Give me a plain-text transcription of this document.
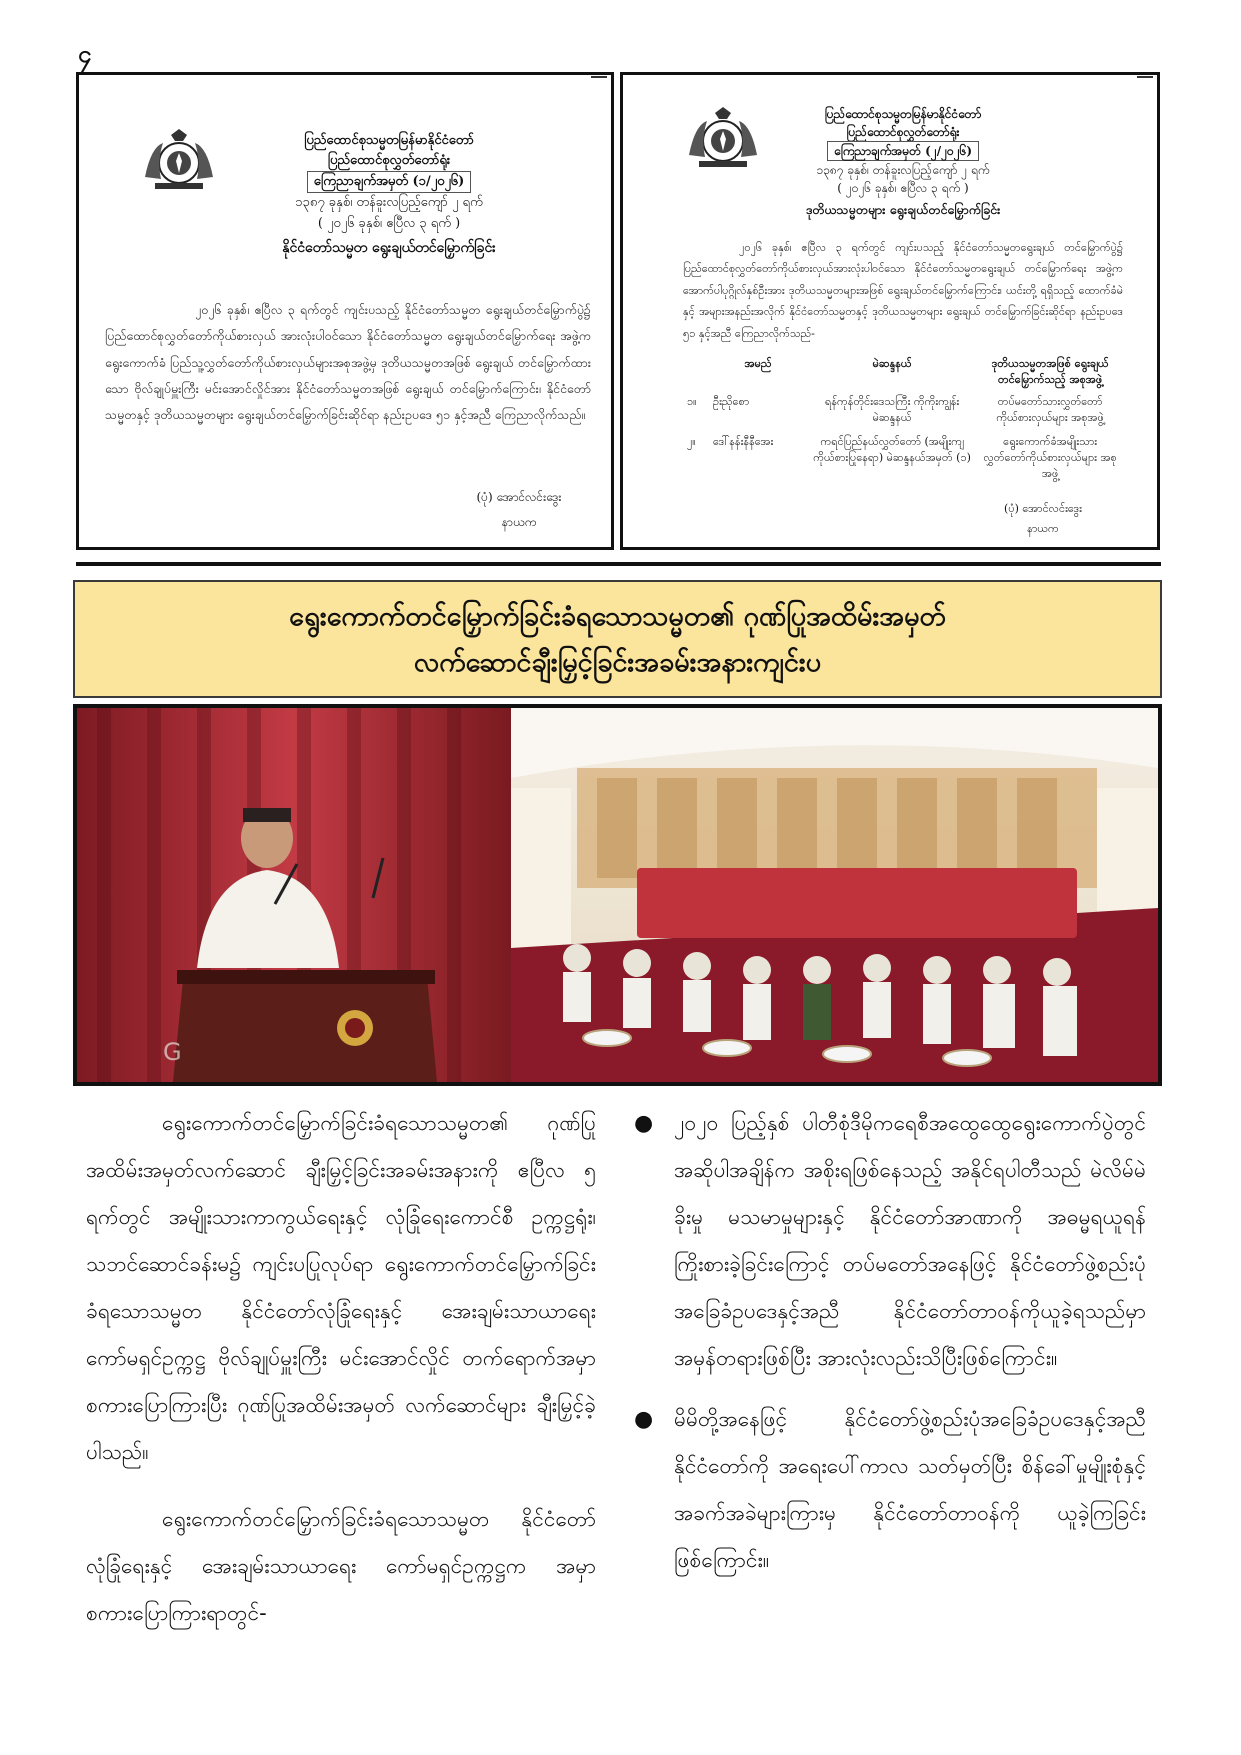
၄
ပြည်ထောင်စုသမ္မတမြန်မာနိုင်ငံတော်
ပြည်ထောင်စုလွှတ်တော်ရုံး
ကြေညာချက်အမှတ် (၁/၂၀၂၆)
၁၃၈၇ ခုနှစ်၊ တန်ခူးလပြည့်ကျော် ၂ ရက်
( ၂၀၂၆ ခုနှစ်၊ ဧပြီလ ၃ ရက် )
နိုင်ငံတော်သမ္မတ ရွေးချယ်တင်မြှောက်ခြင်း
၂၀၂၆ ခုနှစ်၊ ဧပြီလ ၃ ရက်တွင် ကျင်းပသည့် နိုင်ငံတော်သမ္မတ ရွေးချယ်တင်မြှောက်ပွဲ၌ ပြည်ထောင်စုလွှတ်တော်ကိုယ်စားလှယ် အားလုံးပါဝင်သော နိုင်ငံတော်သမ္မတ ရွေးချယ်တင်မြှောက်ရေး အဖွဲ့က ရွေးကောက်ခံ ပြည်သူ့လွှတ်တော်ကိုယ်စားလှယ်များအစုအဖွဲ့မှ ဒုတိယသမ္မတအဖြစ် ရွေးချယ် တင်မြှောက်ထားသော ဗိုလ်ချုပ်မှူးကြီး မင်းအောင်လှိုင်အား နိုင်ငံတော်သမ္မတအဖြစ် ရွေးချယ် တင်မြှောက်ကြောင်း၊ နိုင်ငံတော်သမ္မတနှင့် ဒုတိယသမ္မတများ ရွေးချယ်တင်မြှောက်ခြင်းဆိုင်ရာ နည်းဥပဒေ ၅၁ နှင့်အညီ ကြေညာလိုက်သည်။
(ပုံ) အောင်လင်းဒွေး
နာယက
ပြည်ထောင်စုသမ္မတမြန်မာနိုင်ငံတော်
ပြည်ထောင်စုလွှတ်တော်ရုံး
ကြေညာချက်အမှတ် (၂/၂၀၂၆)
၁၃၈၇ ခုနှစ်၊ တန်ခူးလပြည့်ကျော် ၂ ရက်
( ၂၀၂၆ ခုနှစ်၊ ဧပြီလ ၃ ရက် )
ဒုတိယသမ္မတများ ရွေးချယ်တင်မြှောက်ခြင်း
၂၀၂၆ ခုနှစ်၊ ဧပြီလ ၃ ရက်တွင် ကျင်းပသည့် နိုင်ငံတော်သမ္မတရွေးချယ် တင်မြှောက်ပွဲ၌ ပြည်ထောင်စုလွှတ်တော်ကိုယ်စားလှယ်အားလုံးပါဝင်သော နိုင်ငံတော်သမ္မတရွေးချယ် တင်မြှောက်ရေး အဖွဲ့က အောက်ပါပုဂ္ဂိုလ်နှစ်ဦးအား ဒုတိယသမ္မတများအဖြစ် ရွေးချယ်တင်မြှောက်ကြောင်း၊ ယင်းတို့ ရရှိသည့် ထောက်ခံမဲနှင့် အများအနည်းအလိုက် နိုင်ငံတော်သမ္မတနှင့် ဒုတိယသမ္မတများ ရွေးချယ် တင်မြှောက်ခြင်းဆိုင်ရာ နည်းဥပဒေ ၅၁ နှင့်အညီ ကြေညာလိုက်သည်-
	အမည်	မဲဆန္ဒနယ်	ဒုတိယသမ္မတအဖြစ် ရွေးချယ် တင်မြှောက်သည့် အစုအဖွဲ့
၁။	ဦးညိုစော	ရန်ကုန်တိုင်းဒေသကြီး ကိုကိုးကျွန်းမဲဆန္ဒနယ်	တပ်မတော်သားလွှတ်တော် ကိုယ်စားလှယ်များ အစုအဖွဲ့
၂။	ဒေါ်နန်းနီနီအေး	ကရင်ပြည်နယ်လွှတ်တော် (အမျိုးကျကိုယ်စားပြုနေရာ) မဲဆန္ဒနယ်အမှတ် (၁)	ရွေးကောက်ခံအမျိုးသား လွှတ်တော်ကိုယ်စားလှယ်များ အစုအဖွဲ့
(ပုံ) အောင်လင်းဒွေး
နာယက
ရွေးကောက်တင်မြှောက်ခြင်းခံရသောသမ္မတ၏ ဂုဏ်ပြုအထိမ်းအမှတ်
လက်ဆောင်ချီးမြှင့်ခြင်းအခမ်းအနားကျင်းပ
G

ရွေးကောက်တင်မြှောက်ခြင်းခံရသောသမ္မတ၏ ဂုဏ်ပြုအထိမ်းအမှတ်လက်ဆောင် ချီးမြှင့်ခြင်းအခမ်းအနားကို ဧပြီလ ၅ ရက်တွင် အမျိုးသားကာကွယ်ရေးနှင့် လုံခြုံရေးကောင်စီ ဥက္ကဋ္ဌရုံး၊ သဘင်ဆောင်ခန်းမ၌ ကျင်းပပြုလုပ်ရာ ရွေးကောက်တင်မြှောက်ခြင်းခံရသောသမ္မတ နိုင်ငံတော်လုံခြုံရေးနှင့် အေးချမ်းသာယာရေးကော်မရှင်ဥက္ကဋ္ဌ ဗိုလ်ချုပ်မှူးကြီး မင်းအောင်လှိုင် တက်ရောက်အမှာစကားပြောကြားပြီး ဂုဏ်ပြုအထိမ်းအမှတ် လက်ဆောင်များ ချီးမြှင့်ခဲ့ပါသည်။

ရွေးကောက်တင်မြှောက်ခြင်းခံရသောသမ္မတ နိုင်ငံတော်လုံခြုံရေးနှင့် အေးချမ်းသာယာရေး ကော်မရှင်ဥက္ကဋ္ဌက အမှာစကားပြောကြားရာတွင်-

● ၂၀၂၀ ပြည့်နှစ် ပါတီစုံဒီမိုကရေစီအထွေထွေရွေးကောက်ပွဲတွင် အဆိုပါအချိန်က အစိုးရဖြစ်နေသည့် အနိုင်ရပါတီသည် မဲလိမ်မဲခိုးမှု မသမာမှုများနှင့် နိုင်ငံတော်အာဏာကို အဓမ္မရယူရန် ကြိုးစားခဲ့ခြင်းကြောင့် တပ်မတော်အနေဖြင့် နိုင်ငံတော်ဖွဲ့စည်းပုံအခြေခံဥပဒေနှင့်အညီ နိုင်ငံတော်တာဝန်ကိုယူခဲ့ရသည်မှာ အမှန်တရားဖြစ်ပြီး အားလုံးလည်းသိပြီးဖြစ်ကြောင်း။
● မိမိတို့အနေဖြင့် နိုင်ငံတော်ဖွဲ့စည်းပုံအခြေခံဥပဒေနှင့်အညီ နိုင်ငံတော်ကို အရေးပေါ်ကာလ သတ်မှတ်ပြီး စိန်ခေါ်မှုမျိုးစုံနှင့် အခက်အခဲများကြားမှ နိုင်ငံတော်တာဝန်ကို ယူခဲ့ကြခြင်းဖြစ်ကြောင်း။
